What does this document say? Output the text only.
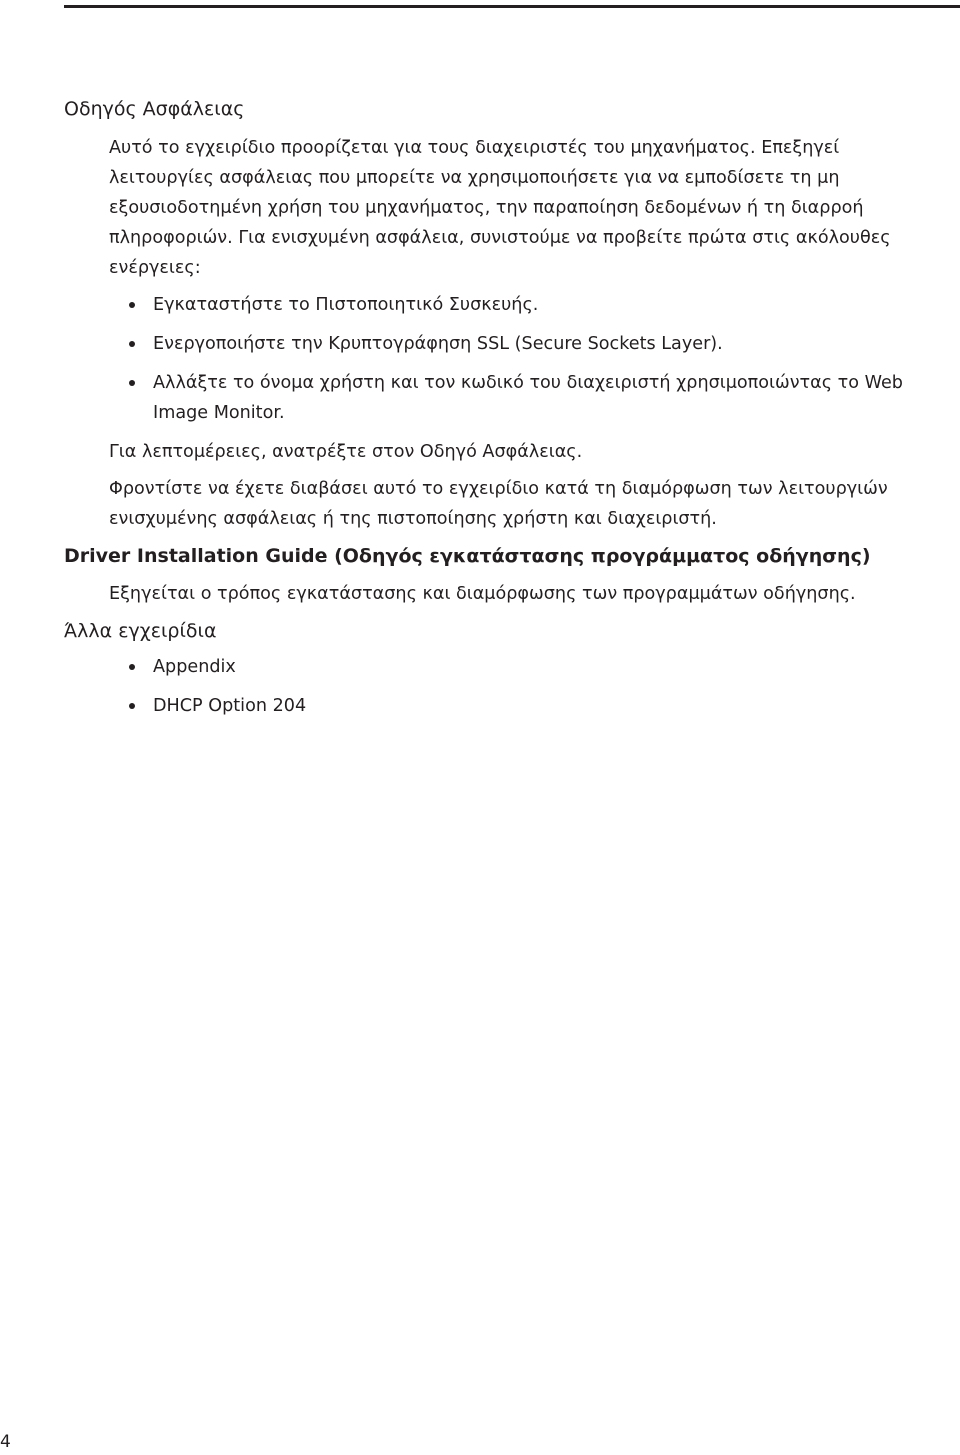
Οδηγός Ασφάλειας

Αυτό το εγχειρίδιο προορίζεται για τους διαχειριστές του μηχανήματος. Επεξηγεί λειτουργίες ασφάλειας που μπορείτε να χρησιμοποιήσετε για να εμποδίσετε τη μη εξουσιοδοτημένη χρήση του μηχανήματος, την παραποίηση δεδομένων ή τη διαρροή πληροφοριών. Για ενισχυμένη ασφάλεια, συνιστούμε να προβείτε πρώτα στις ακόλουθες ενέργειες:

Εγκαταστήστε το Πιστοποιητικό Συσκευής.
Ενεργοποιήστε την Κρυπτογράφηση SSL (Secure Sockets Layer).
Αλλάξτε το όνομα χρήστη και τον κωδικό του διαχειριστή χρησιμοποιώντας το Web Image Monitor.

Για λεπτομέρειες, ανατρέξτε στον Οδηγό Ασφάλειας.

Φροντίστε να έχετε διαβάσει αυτό το εγχειρίδιο κατά τη διαμόρφωση των λειτουργιών ενισχυμένης ασφάλειας ή της πιστοποίησης χρήστη και διαχειριστή.

Driver Installation Guide (Οδηγός εγκατάστασης προγράμματος οδήγησης)

Εξηγείται ο τρόπος εγκατάστασης και διαμόρφωσης των προγραμμάτων οδήγησης.

Άλλα εγχειρίδια
Appendix
DHCP Option 204
4
